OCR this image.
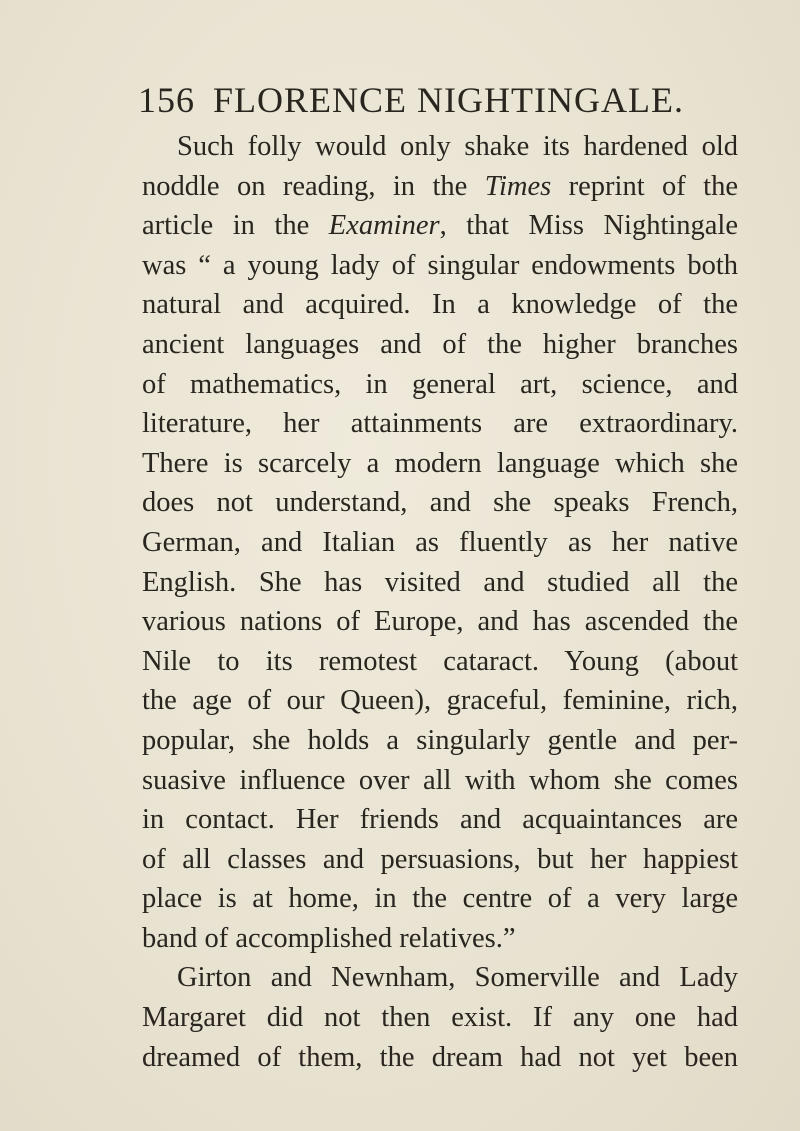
156 FLORENCE NIGHTINGALE.
Such folly would only shake its hardened old
noddle on reading, in the Times reprint of the
article in the Examiner, that Miss Nightingale
was “ a young lady of singular endowments both
natural and acquired. In a knowledge of the
ancient languages and of the higher branches
of mathematics, in general art, science, and
literature, her attainments are extraordinary.
There is scarcely a modern language which she
does not understand, and she speaks French,
German, and Italian as fluently as her native
English. She has visited and studied all the
various nations of Europe, and has ascended the
Nile to its remotest cataract. Young (about
the age of our Queen), graceful, feminine, rich,
popular, she holds a singularly gentle and per-
suasive influence over all with whom she comes
in contact. Her friends and acquaintances are
of all classes and persuasions, but her happiest
place is at home, in the centre of a very large
band of accomplished relatives.”
Girton and Newnham, Somerville and Lady
Margaret did not then exist. If any one had
dreamed of them, the dream had not yet been
